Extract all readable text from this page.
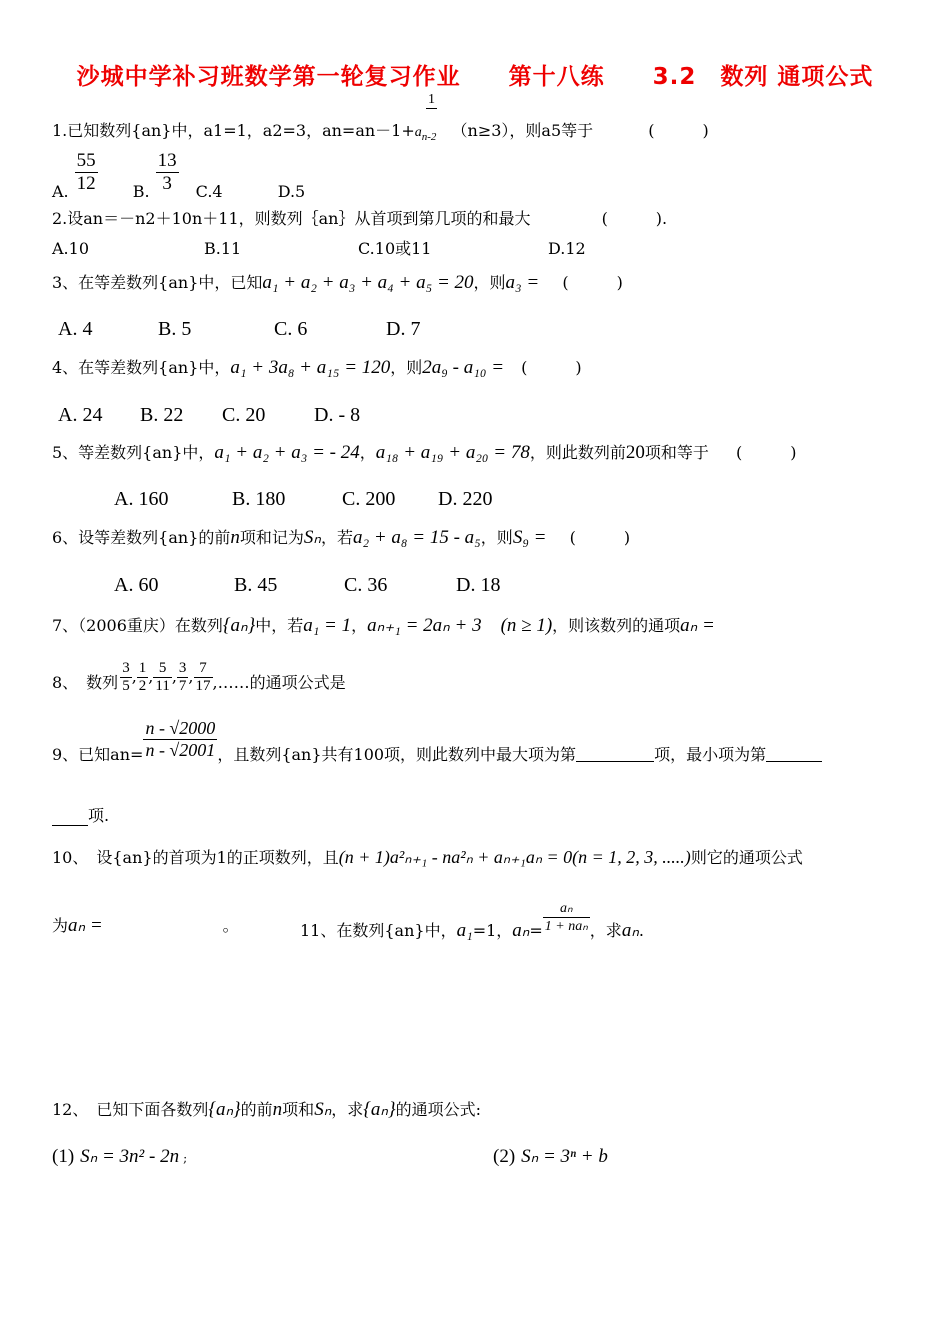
沙城中学补习班数学第一轮复习作业　　第十八练　　3.2　数列 通项公式
1
1.已知数列{an}中，a1=1，a2=3，$an=an-1+a_{n-2}$ （n≥3），则a5等于	(　　　)
A. $\frac{55}{12} B$. $\frac{13}{3} C.4$	D.5
2.设an＝－n2＋10n＋11，则数列｛an｝从首项到第几项的和最大	(　　　).
A.10	B.11	C.10或11	D.12
3、在等差数列{an}中，已知a₁ + a₂ + a₃ + a₄ + a₅ = 20，则a₃ = (　　　)
A. 4	B. 5	C. 6	D. 7
4、在等差数列{an}中，a₁ + 3a₈ + a₁₅ = 120，则2a₉ - a₁₀ = (　　　)
A. 24 B. 22 C. 20 D. - 8
5、等差数列{an}中，a₁ + a₂ + a₃ = - 24，a₁₈ + a₁₉ + a₂₀ = 78，则此数列前20项和等于 (　　　)
A. 160	B. 180	C. 200 D. 220
6、设等差数列{an}的前n项和记为Sₙ，若a₂ + a₈ = 15 - a₅，则S₉ = (　　　)
A. 60	B. 45	C. 36	D. 18
7、（2006重庆）在数列{aₙ}中，若a₁ = 1，aₙ₊₁ = 2aₙ + 3　(n ≥ 1)，则该数列的通项aₙ =
8、　数列 $\frac{3}{5}$ , $\frac{1}{2}$ , $\frac{5}{11}$ , $\frac{3}{7}$ , $\frac{7}{17}$ ,……的通项公式是
9、已知$an= \frac{n - √2000}{n - √2001}$ ，且数列{an}共有100项，则此数列中最大项为第	项，最小项为第
项.
10、　设{an}的首项为1的正项数列，且(n + 1)a²ₙ₊₁ - na²ₙ + aₙ₊₁aₙ = 0(n = 1, 2, 3, .....)则它的通项公式
为aₙ =	。	11、在数列{an}中，a₁=1，$a_n= \frac{\text{aₙ}}{\text{1 + naₙ}}$ ，求aₙ.
12、　已知下面各数列{aₙ}的前n项和Sₙ，求{aₙ}的通项公式:
(1) Sₙ = 3n² - 2n ;	(2) Sₙ = 3ⁿ + b
